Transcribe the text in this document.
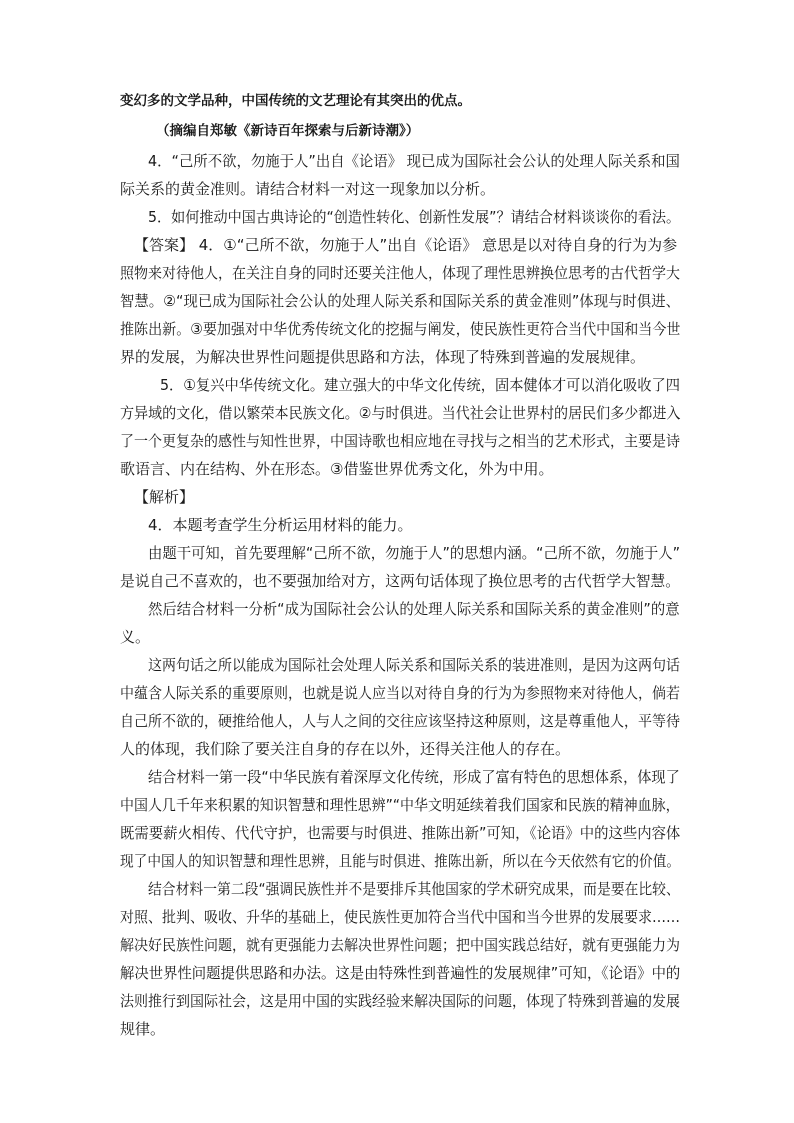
变幻多的文学品种，中国传统的文艺理论有其突出的优点。
（摘编自郑敏《新诗百年探索与后新诗潮》）
4．“己所不欲，勿施于人”出自《论语》 现已成为国际社会公认的处理人际关系和国
际关系的黄金准则。请结合材料一对这一现象加以分析。
5．如何推动中国古典诗论的“创造性转化、创新性发展”？请结合材料谈谈你的看法。
【答案】 4．①“己所不欲，勿施于人”出自《论语》 意思是以对待自身的行为为参
照物来对待他人，在关注自身的同时还要关注他人，体现了理性思辨换位思考的古代哲学大
智慧。②“现已成为国际社会公认的处理人际关系和国际关系的黄金准则”体现与时俱进、
推陈出新。③要加强对中华优秀传统文化的挖掘与阐发，使民族性更符合当代中国和当今世
界的发展，为解决世界性问题提供思路和方法，体现了特殊到普遍的发展规律。
5．①复兴中华传统文化。建立强大的中华文化传统，固本健体才可以消化吸收了四
方异域的文化，借以繁荣本民族文化。②与时俱进。当代社会让世界村的居民们多少都进入
了一个更复杂的感性与知性世界，中国诗歌也相应地在寻找与之相当的艺术形式，主要是诗
歌语言、内在结构、外在形态。③借鉴世界优秀文化，外为中用。
【解析】
4．本题考查学生分析运用材料的能力。
由题干可知，首先要理解“己所不欲，勿施于人”的思想内涵。“己所不欲，勿施于人”
是说自己不喜欢的，也不要强加给对方，这两句话体现了换位思考的古代哲学大智慧。
然后结合材料一分析“成为国际社会公认的处理人际关系和国际关系的黄金准则”的意
义。
这两句话之所以能成为国际社会处理人际关系和国际关系的装进准则，是因为这两句话
中蕴含人际关系的重要原则，也就是说人应当以对待自身的行为为参照物来对待他人，倘若
自己所不欲的，硬推给他人，人与人之间的交往应该坚持这种原则，这是尊重他人，平等待
人的体现，我们除了要关注自身的存在以外，还得关注他人的存在。
结合材料一第一段“中华民族有着深厚文化传统，形成了富有特色的思想体系，体现了
中国人几千年来积累的知识智慧和理性思辨”“中华文明延续着我们国家和民族的精神血脉，
既需要薪火相传、代代守护，也需要与时俱进、推陈出新”可知，《论语》中的这些内容体
现了中国人的知识智慧和理性思辨，且能与时俱进、推陈出新，所以在今天依然有它的价值。
结合材料一第二段“强调民族性并不是要排斥其他国家的学术研究成果，而是要在比较、
对照、批判、吸收、升华的基础上，使民族性更加符合当代中国和当今世界的发展要求……
解决好民族性问题，就有更强能力去解决世界性问题；把中国实践总结好，就有更强能力为
解决世界性问题提供思路和办法。这是由特殊性到普遍性的发展规律”可知，《论语》中的
法则推行到国际社会，这是用中国的实践经验来解决国际的问题，体现了特殊到普遍的发展
规律。
